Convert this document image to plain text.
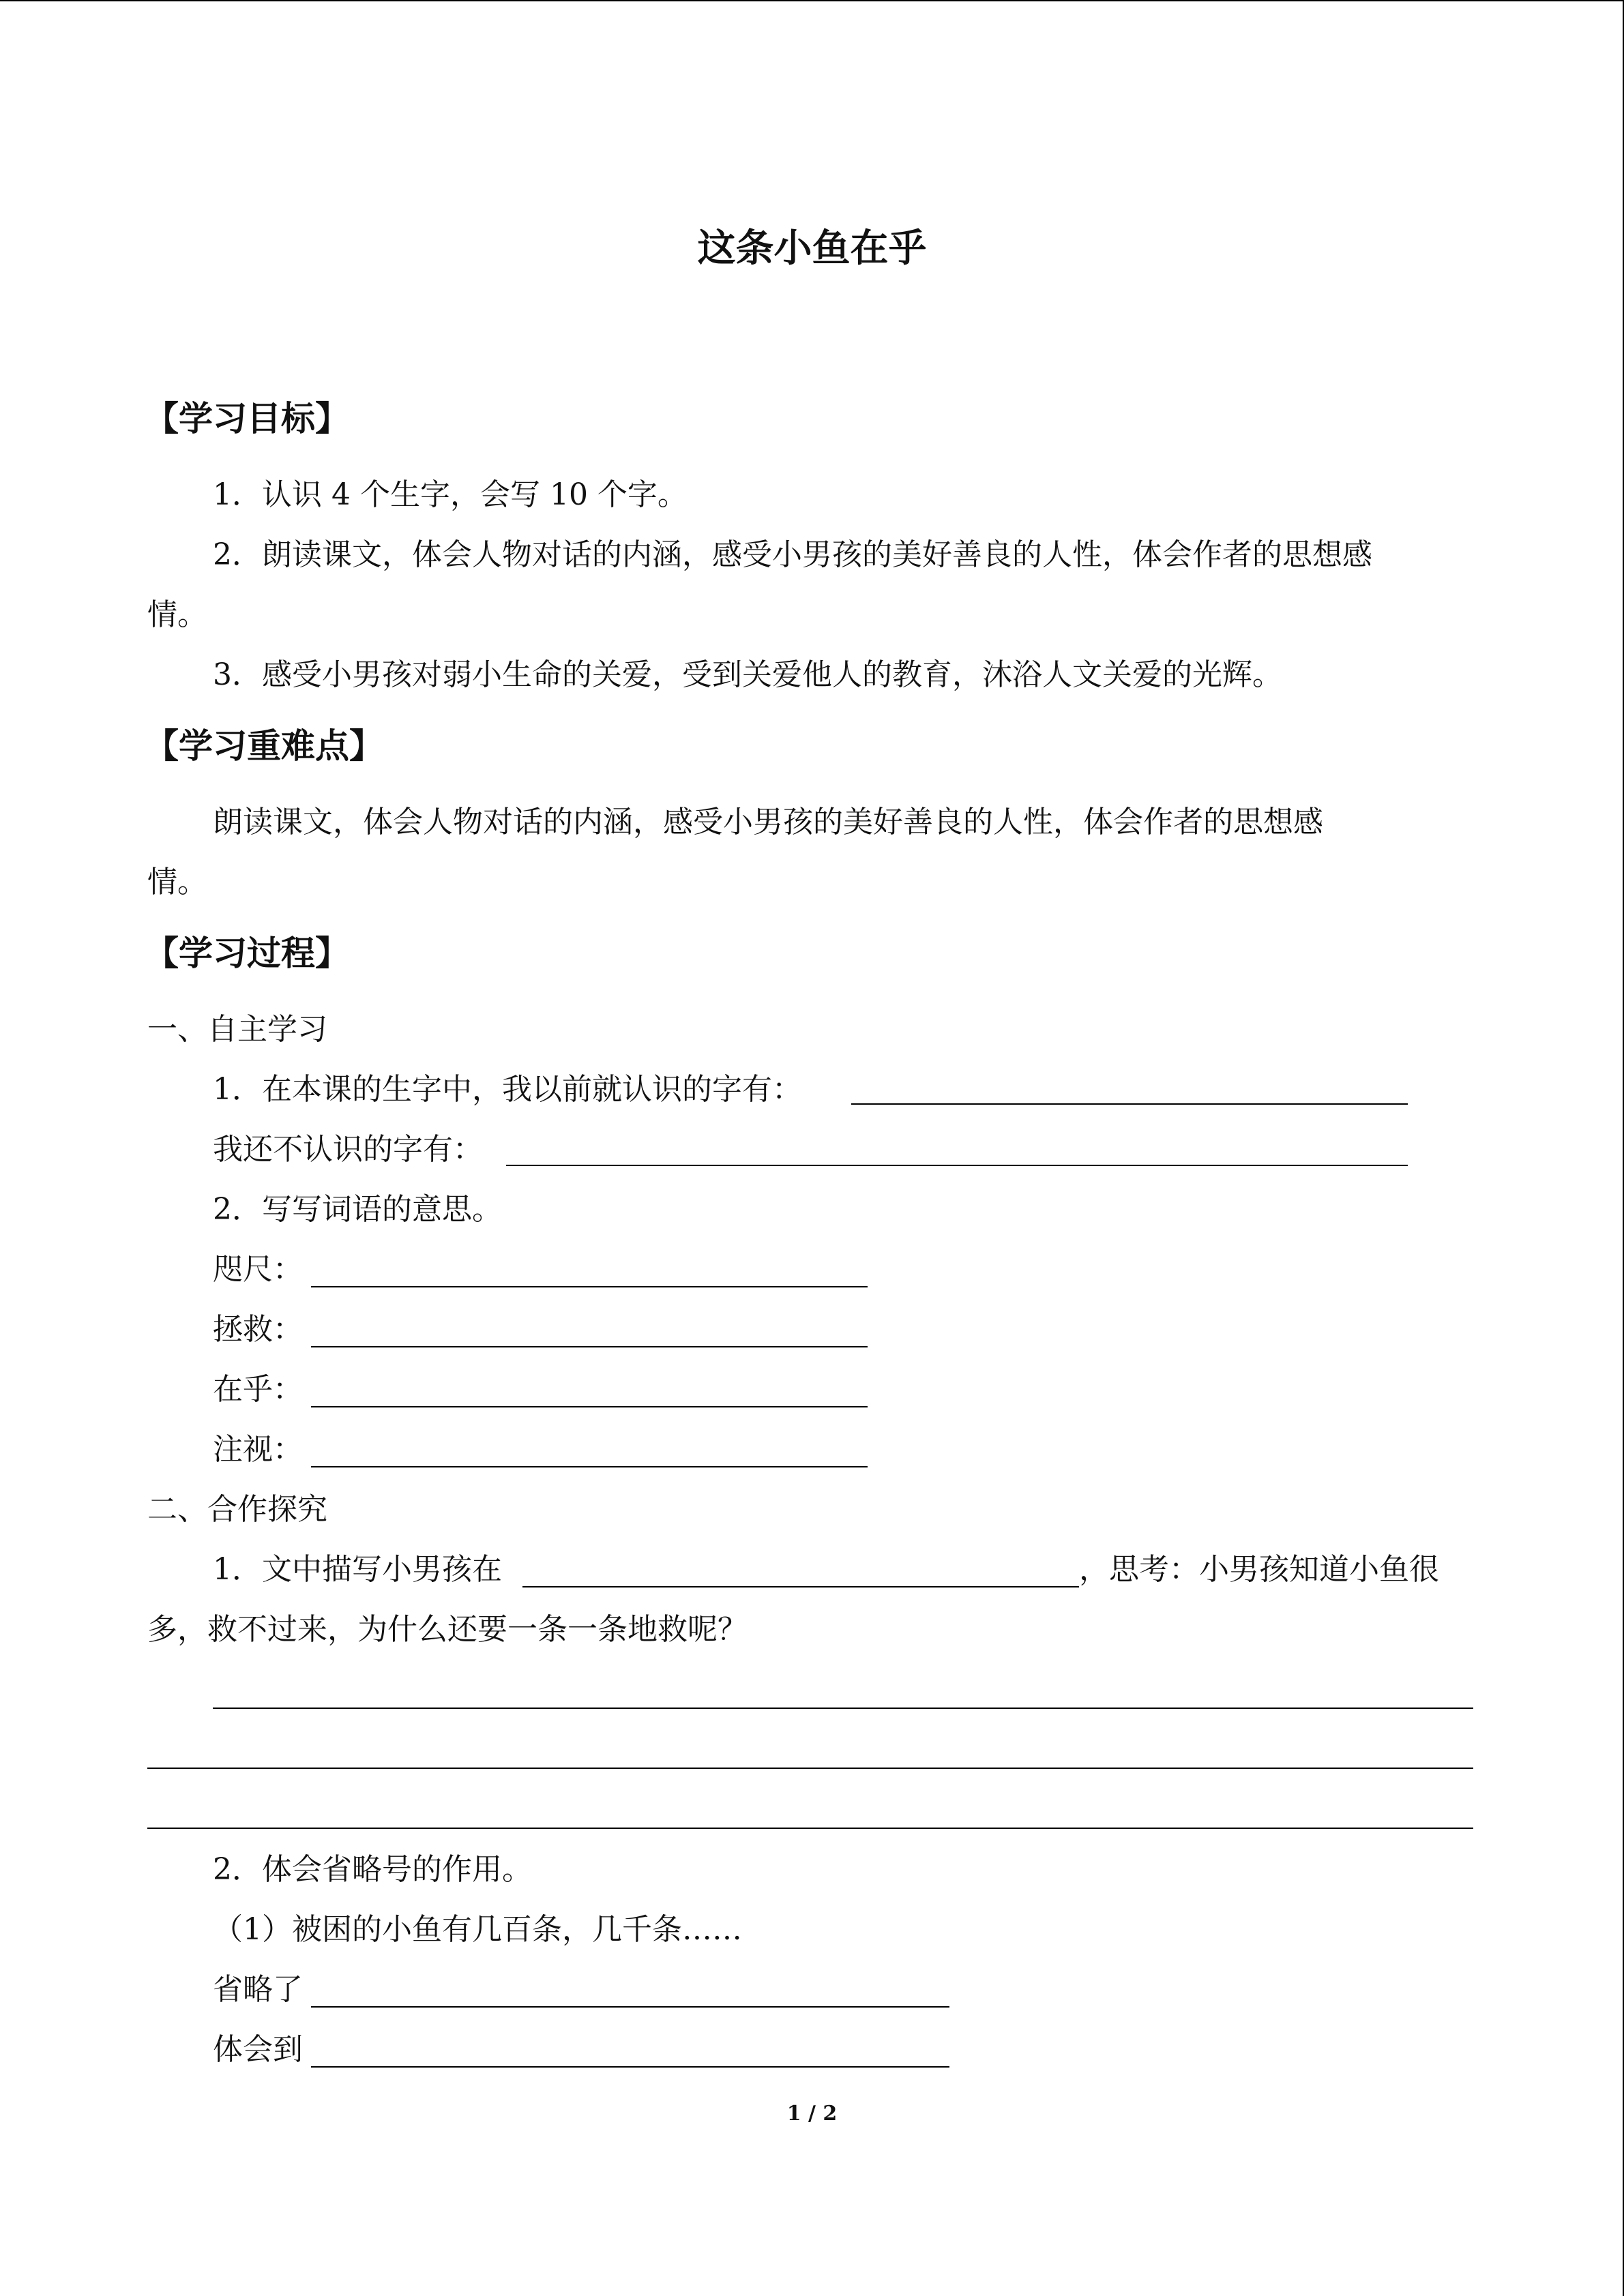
这条小鱼在乎
【学习目标】
1．认识 4 个生字，会写 10 个字。
2．朗读课文，体会人物对话的内涵，感受小男孩的美好善良的人性，体会作者的思想感
情。
3．感受小男孩对弱小生命的关爱，受到关爱他人的教育，沐浴人文关爱的光辉。
【学习重难点】
朗读课文，体会人物对话的内涵，感受小男孩的美好善良的人性，体会作者的思想感
情。
【学习过程】
一、自主学习
1．在本课的生字中，我以前就认识的字有：
我还不认识的字有：
2．写写词语的意思。
咫尺：
拯救：
在乎：
注视：
二、合作探究
1．文中描写小男孩在	，思考：小男孩知道小鱼很
多，救不过来，为什么还要一条一条地救呢？
2．体会省略号的作用。
（1）被困的小鱼有几百条，几千条……
省略了
体会到
1 / 2
